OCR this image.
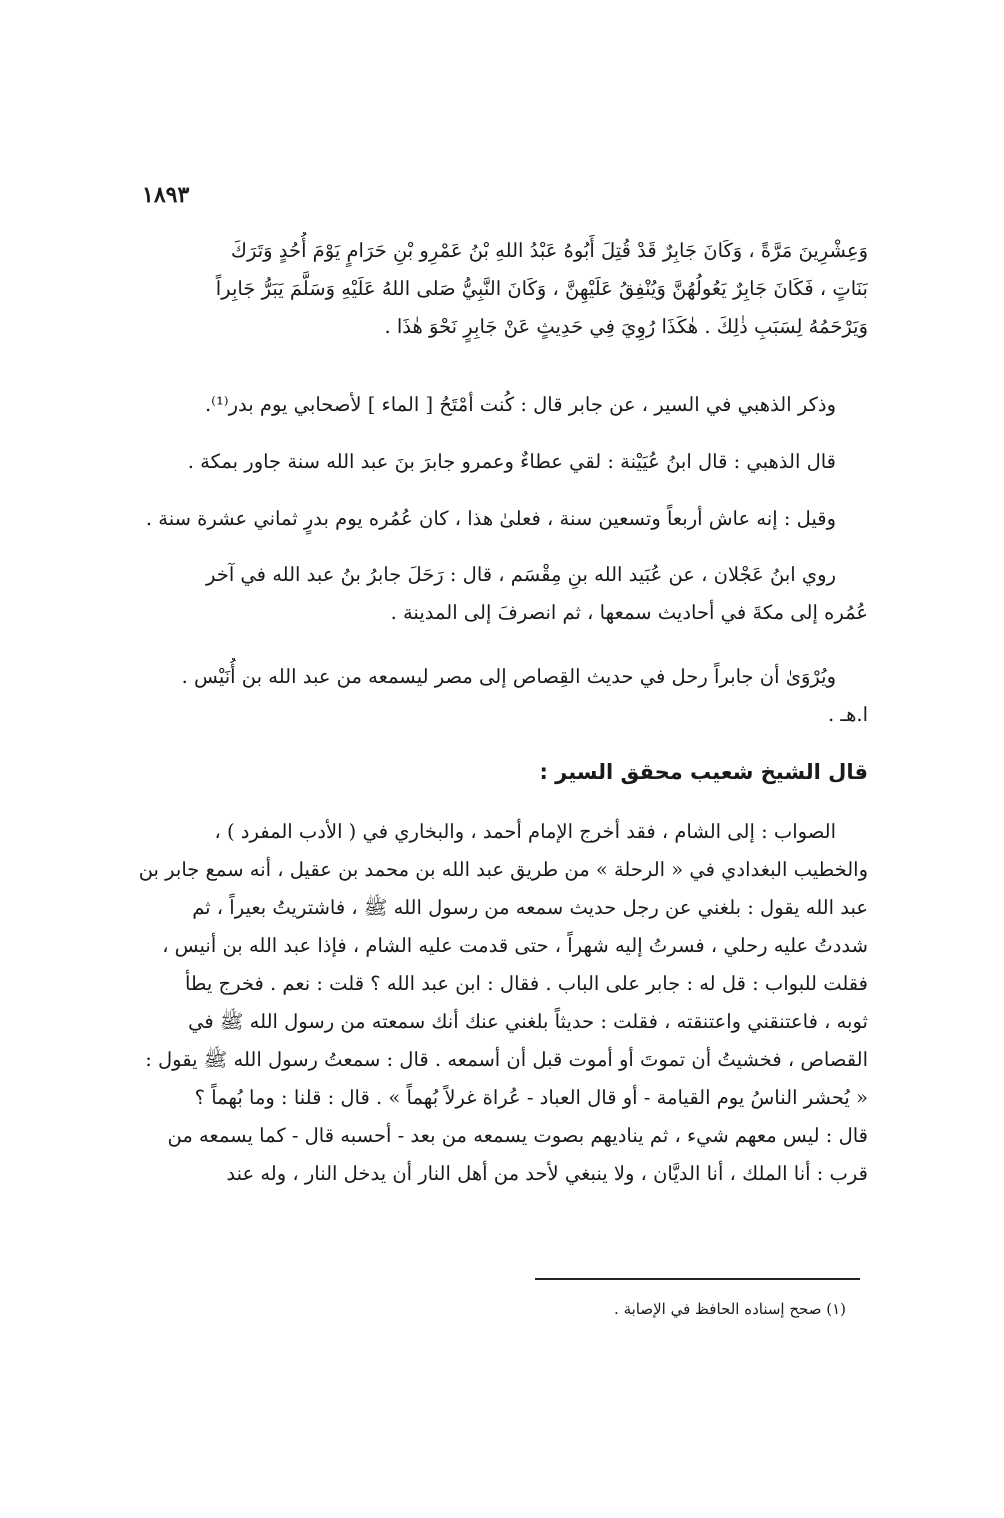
١٨٩٣
وَعِشْرِينَ مَرَّةً ، وَكَانَ جَابِرٌ قَدْ قُتِلَ أَبُوهُ عَبْدُ اللهِ بْنُ عَمْرِو بْنِ حَرَامٍ يَوْمَ أُحُدٍ وَتَرَكَ
بَنَاتٍ ، فَكَانَ جَابِرٌ يَعُولُهُنَّ وَيُنْفِقُ عَلَيْهِنَّ ، وَكَانَ النَّبِيُّ صَلى اللهُ عَلَيْهِ وَسَلَّمَ يَبَرُّ جَابِراً
وَيَرْحَمُهُ لِسَبَبِ ذٰلِكَ . هٰكَذَا رُوِيَ فِي حَدِيثٍ عَنْ جَابِرٍ نَحْوَ هٰذَا .
وذكر الذهبي في السير ، عن جابر قال : كُنت أمْتَحُ [ الماء ] لأصحابي يوم بدر⁽¹⁾.
قال الذهبي : قال ابنُ عُيَيْنة : لقي عطاءٌ وعمرو جابرَ بنَ عبد الله سنة جاور بمكة .
وقيل : إنه عاش أربعاً وتسعين سنة ، فعلىٰ هذا ، كان عُمُره يوم بدرٍ ثماني عشرة سنة .
روي ابنُ عَجْلان ، عن عُبَيد الله بنِ مِقْسَم ، قال : رَحَلَ جابرُ بنُ عبد الله في آخر
عُمُره إلى مكةَ في أحاديث سمعها ، ثم انصرفَ إلى المدينة .
ويُرْوَىٰ أن جابراً رحل في حديث القِصاص إلى مصر ليسمعه من عبد الله بن أُنَيْس .
ا.هـ .
قال الشيخ شعيب محقق السير :
الصواب : إلى الشام ، فقد أخرج الإمام أحمد ، والبخاري في ( الأدب المفرد ) ،
والخطيب البغدادي في « الرحلة » من طريق عبد الله بن محمد بن عقيل ، أنه سمع جابر بن
عبد الله يقول : بلغني عن رجل حديث سمعه من رسول الله ﷺ ، فاشتريتُ بعيراً ، ثم
شددتُ عليه رحلي ، فسرتُ إليه شهراً ، حتى قدمت عليه الشام ، فإذا عبد الله بن أنيس ،
فقلت للبواب : قل له : جابر على الباب . فقال : ابن عبد الله ؟ قلت : نعم . فخرج يطأ
ثوبه ، فاعتنقني واعتنقته ، فقلت : حديثاً بلغني عنك أنك سمعته من رسول الله ﷺ في
القصاص ، فخشيتُ أن تموتَ أو أموت قبل أن أسمعه . قال : سمعتُ رسول الله ﷺ يقول :
« يُحشر الناسُ يوم القيامة - أو قال العباد - عُراة غرلاً بُهماً » . قال : قلنا : وما بُهماً ؟
قال : ليس معهم شيء ، ثم يناديهم بصوت يسمعه من بعد - أحسبه قال - كما يسمعه من
قرب : أنا الملك ، أنا الديَّان ، ولا ينبغي لأحد من أهل النار أن يدخل النار ، وله عند
(١) صحح إسناده الحافظ في الإصابة .
